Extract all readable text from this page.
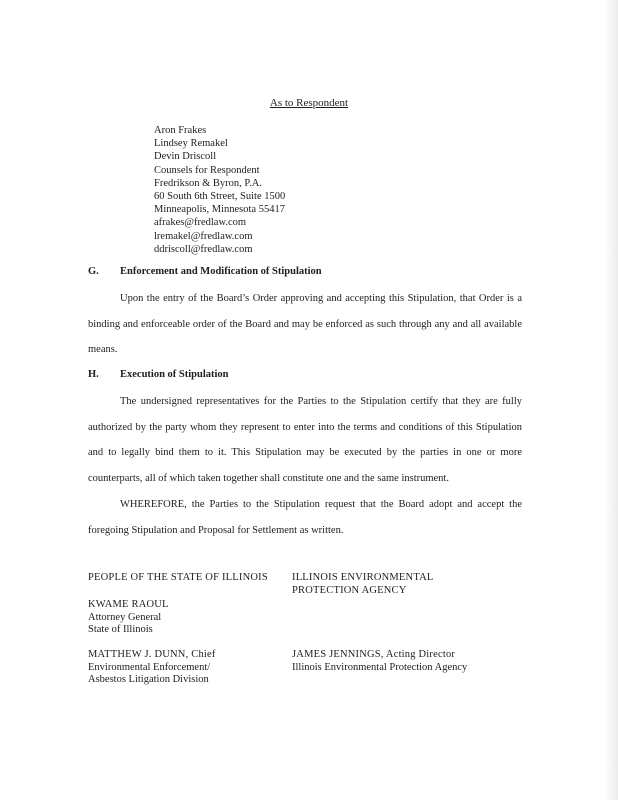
As to Respondent
Aron Frakes
Lindsey Remakel
Devin Driscoll
Counsels for Respondent
Fredrikson & Byron, P.A.
60 South 6th Street, Suite 1500
Minneapolis, Minnesota 55417
afrakes@fredlaw.com
lremakel@fredlaw.com
ddriscoll@fredlaw.com
G. Enforcement and Modification of Stipulation
Upon the entry of the Board’s Order approving and accepting this Stipulation, that Order is a binding and enforceable order of the Board and may be enforced as such through any and all available means.
H. Execution of Stipulation
The undersigned representatives for the Parties to the Stipulation certify that they are fully authorized by the party whom they represent to enter into the terms and conditions of this Stipulation and to legally bind them to it. This Stipulation may be executed by the parties in one or more counterparts, all of which taken together shall constitute one and the same instrument.
WHEREFORE, the Parties to the Stipulation request that the Board adopt and accept the foregoing Stipulation and Proposal for Settlement as written.
PEOPLE OF THE STATE OF ILLINOIS ILLINOIS ENVIRONMENTAL
PROTECTION AGENCY
KWAME RAOUL
Attorney General
State of Illinois
MATTHEW J. DUNN, Chief
Environmental Enforcement/
Asbestos Litigation Division
JAMES JENNINGS, Acting Director
Illinois Environmental Protection Agency
